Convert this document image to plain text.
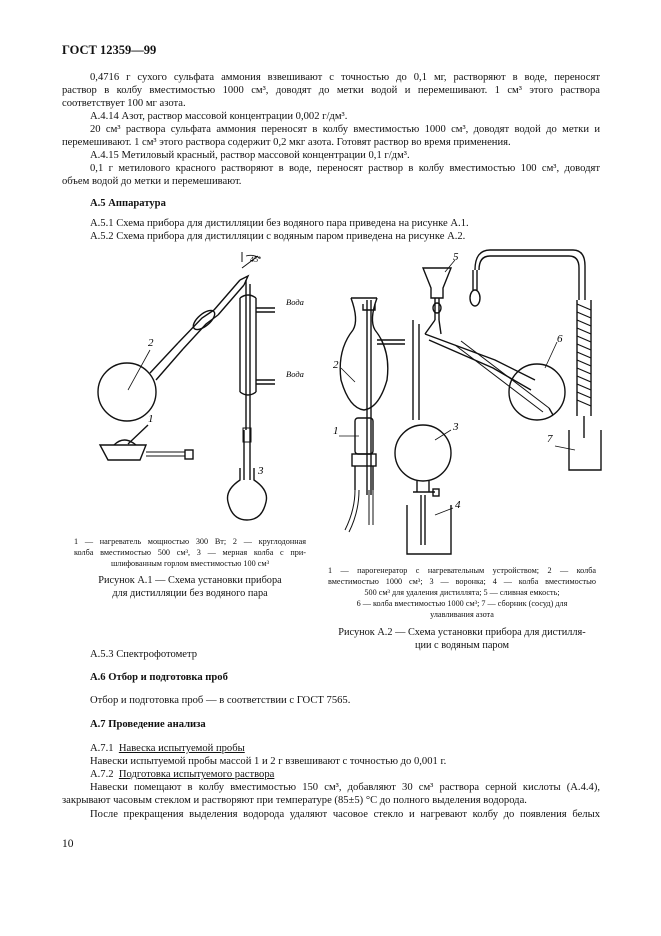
ГОСТ 12359—99
0,4716 г сухого сульфата аммония взвешивают с точностью до 0,1 мг, растворяют в воде, переносят
раствор в колбу вместимостью 1000 см³, доводят до метки водой и перемешивают. 1 см³ этого раствора
соответствует 100 мг азота.
А.4.14 Азот, раствор массовой концентрации 0,002 г/дм³.
20 см³ раствора сульфата аммония переносят в колбу вместимостью 1000 см³, доводят водой до метки и
перемешивают. 1 см³ этого раствора содержит 0,2 мкг азота. Готовят раствор во время применения.
А.4.15 Метиловый красный, раствор массовой концентрации 0,1 г/дм³.
0,1 г метилового красного растворяют в воде, переносят раствор в колбу вместимостью 100 см³, доводят
объем водой до метки и перемешивают.
А.5 Аппаратура
А.5.1 Схема прибора для дистилляции без водяного пара приведена на рисунке А.1.
А.5.2 Схема прибора для дистилляции с водяным паром приведена на рисунке А.2.
Вода
Вода
45°
1
2
3
1 — нагреватель мощностью 300 Вт; 2 — круглодонная
колба вместимостью 500 см³, 3 — мерная колба с при-
шлифованным горлом вместимостью 100 см³
Рисунок А.1 — Схема установки прибора
для дистилляции без водяного пара
1
2
3
4
5
6
7
1 — парогенератор с нагревательным устройством; 2 — колба
вместимостью 1000 см³; 3 — воронка; 4 — колба вместимостью
500 см³ для удаления дистиллята; 5 — сливная емкость;
6 — колба вместимостью 1000 см³; 7 — сборник (сосуд) для
улавливания азота
Рисунок А.2 — Схема установки прибора для дистилля-
ции с водяным паром
А.5.3 Спектрофотометр
А.6 Отбор и подготовка проб
Отбор и подготовка проб — в соответствии с ГОСТ 7565.
А.7 Проведение анализа
А.7.1 Навеска испытуемой пробы
Навески испытуемой пробы массой 1 и 2 г взвешивают с точностью до 0,001 г.
А.7.2 Подготовка испытуемого раствора
Навески помещают в колбу вместимостью 150 см³, добавляют 30 см³ раствора серной кислоты (А.4.4),
закрывают часовым стеклом и растворяют при температуре (85±5) °С до полного выделения водорода.
После прекращения выделения водорода удаляют часовое стекло и нагревают колбу до появления белых
10
